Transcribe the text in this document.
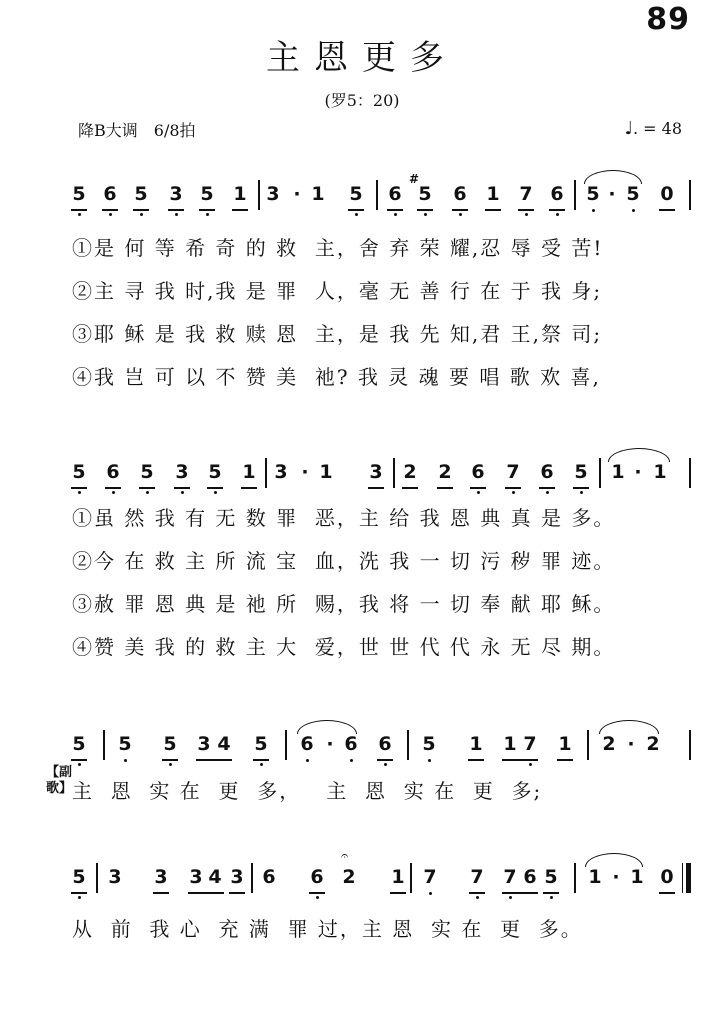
89
主恩更多
(罗5：20)
降B大调　6/8拍	♩. = 48
5 6 5 3 5 1 3 · 1 5 6
#
5 6 1 7 6 5 · 5 0
①是 何 等 希 奇 的 救  主，舍 弃 荣 耀,忍 辱 受 苦!
②主 寻 我 时,我 是 罪  人，毫 无 善 行 在 于 我 身;
③耶 稣 是 我 救 赎 恩  主，是 我 先 知,君 王,祭 司;
④我 岂 可 以 不 赞 美  祂? 我 灵 魂 要 唱 歌 欢 喜,
5 6 5 3 5 1 3 · 1 3 2 2 6 7 6 5 1 · 1
①虽 然 我 有 无 数 罪  恶，主 给 我 恩 典 真 是 多。
②今 在 救 主 所 流 宝  血，洗 我 一 切 污 秽 罪 迹。
③赦 罪 恩 典 是 祂 所  赐，我 将 一 切 奉 献 耶 稣。
④赞 美 我 的 救 主 大  爱，世 世 代 代 永 无 尽 期。
5 5 5 3 4 5 6 · 6 6 5 1 1 7 1 2 · 2
【副歌】 主  恩  实 在  更  多，   主  恩  实 在  更  多;
5 3 3 3 4 3 6 6
𝄐
2 1 7 7 7 6 5 1 · 1 0
从  前  我 心  充 满  罪 过，主 恩  实 在  更  多。
